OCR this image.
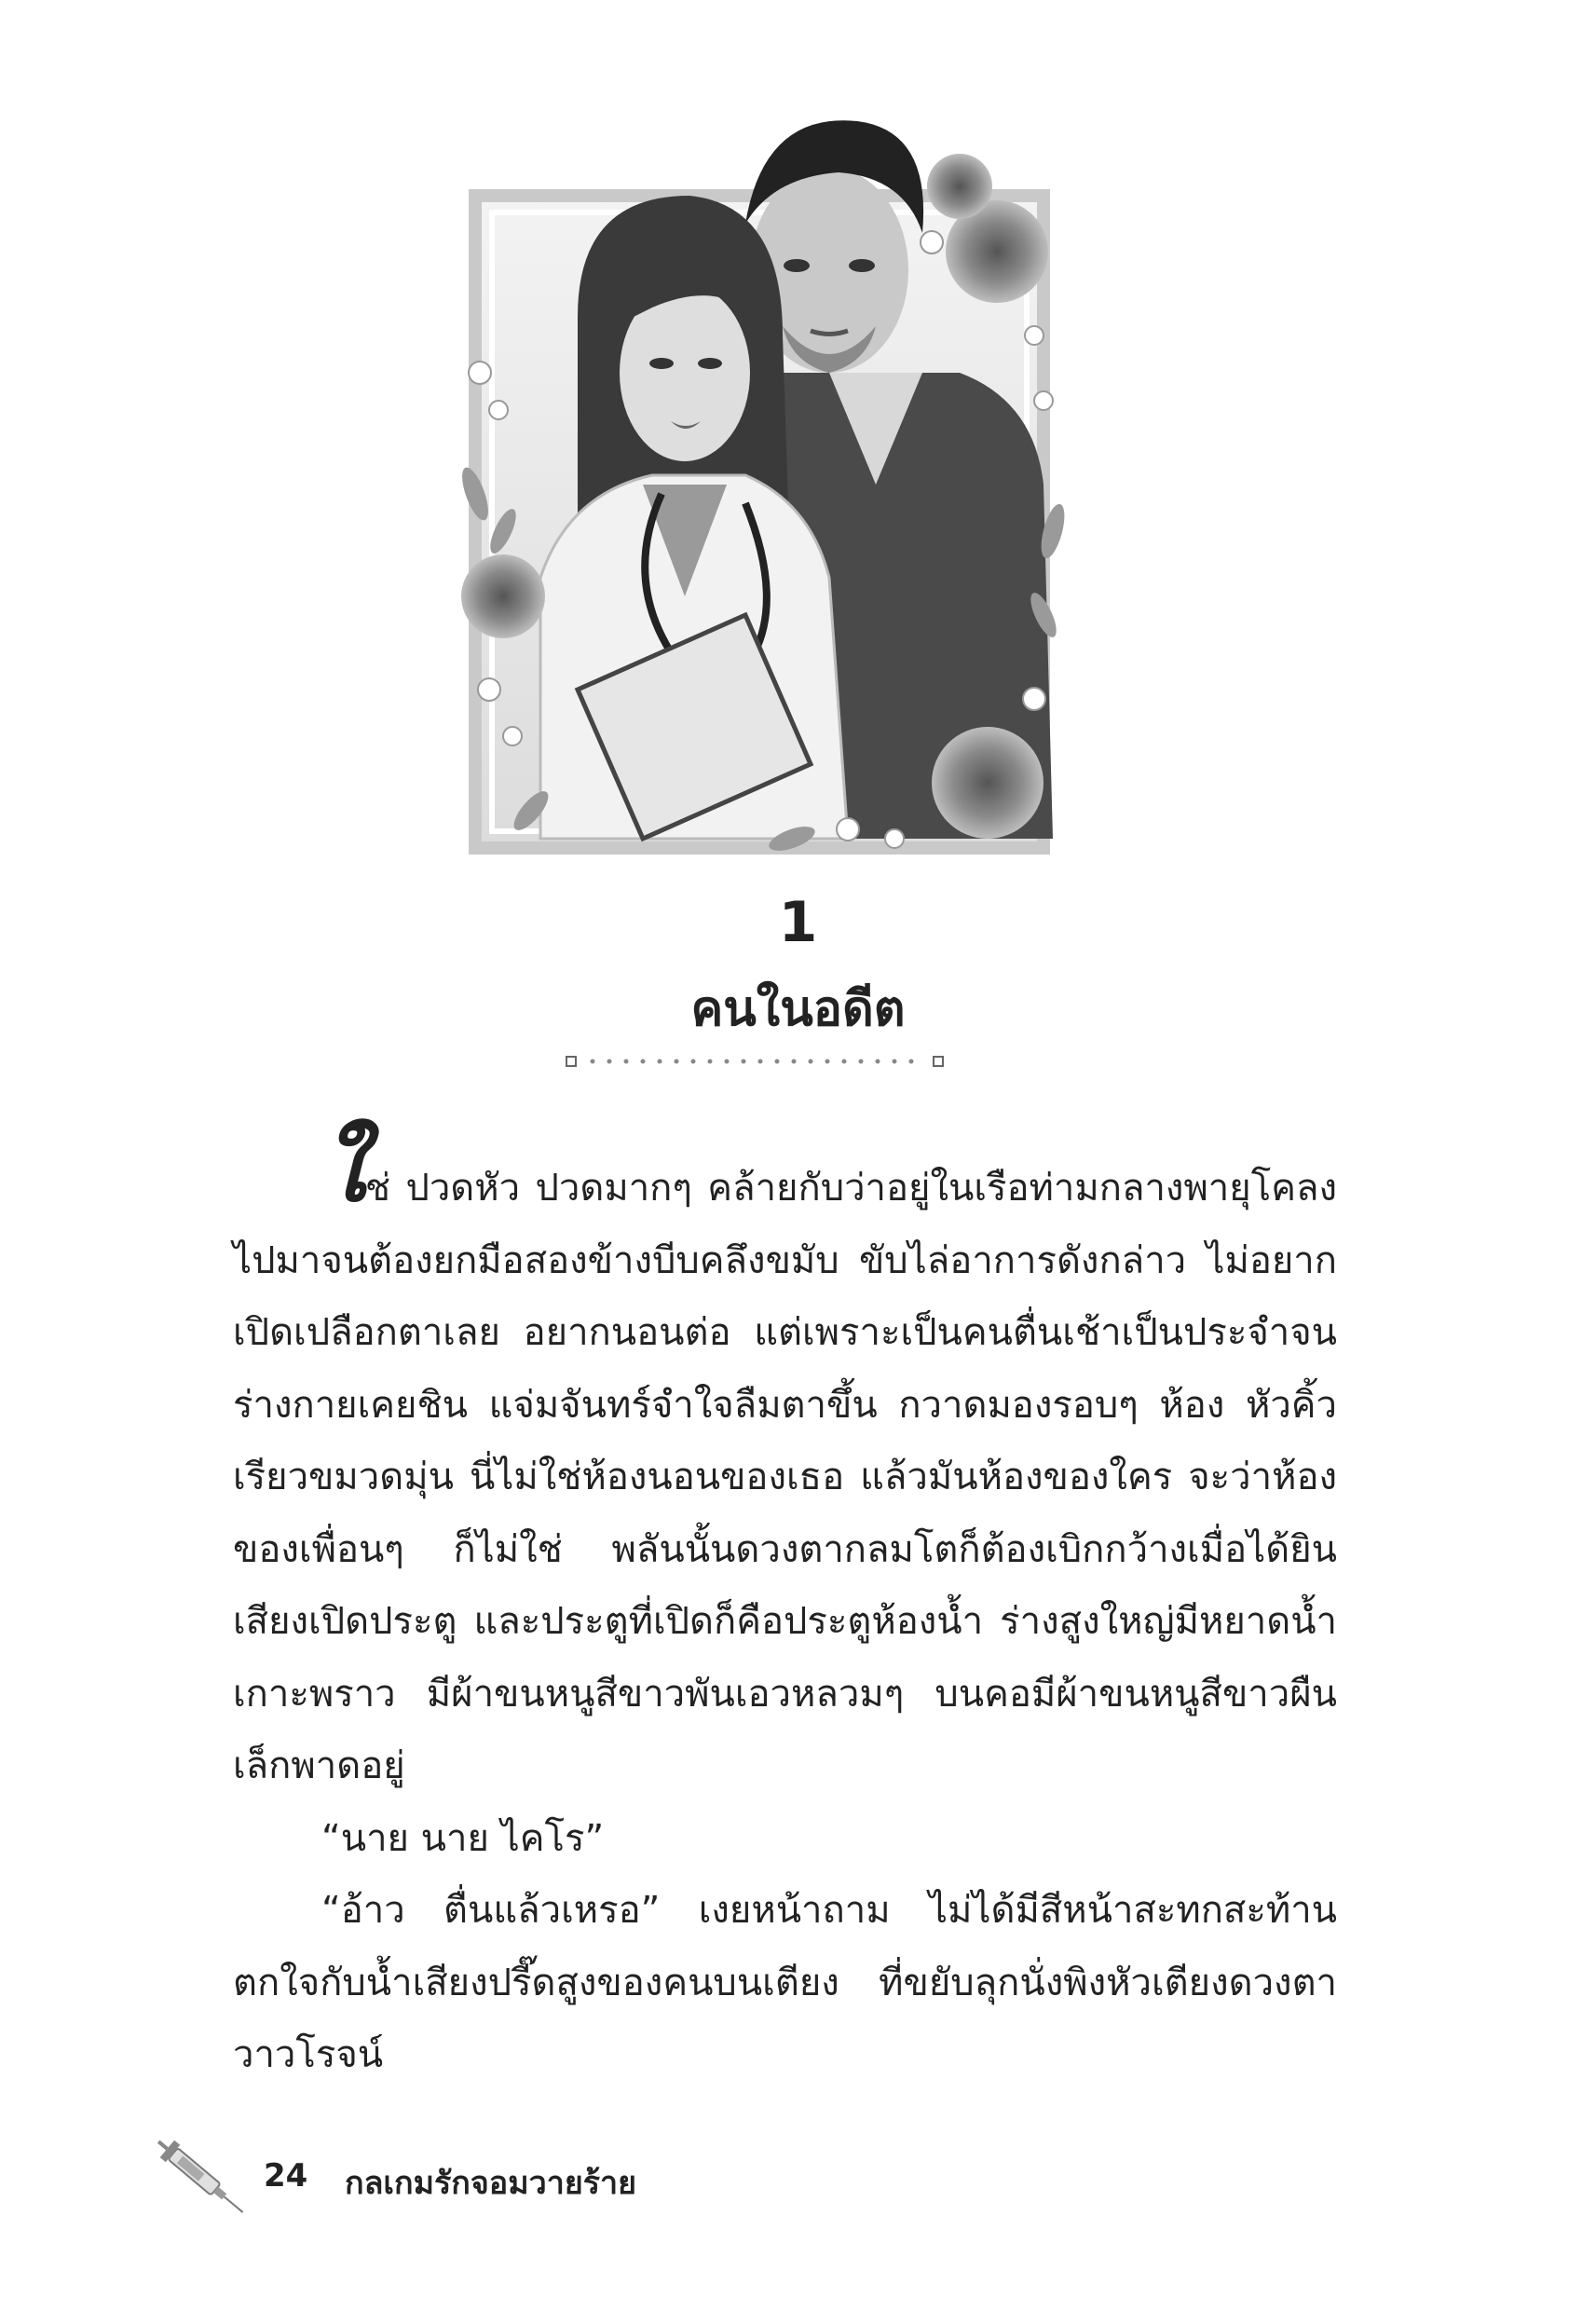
1
คนในอดีต

ใช่ ปวดหัว ปวดมากๆ คล้ายกับว่าอยู่ในเรือท่ามกลางพายุโคลงไปมาจนต้องยกมือสองข้างบีบคลึงขมับ ขับไล่อาการดังกล่าว ไม่อยากเปิดเปลือกตาเลย อยากนอนต่อ แต่เพราะเป็นคนตื่นเช้าเป็นประจำจนร่างกายเคยชิน แจ่มจันทร์จำใจลืมตาขึ้น กวาดมองรอบๆ ห้อง หัวคิ้วเรียวขมวดมุ่น นี่ไม่ใช่ห้องนอนของเธอ แล้วมันห้องของใคร จะว่าห้องของเพื่อนๆ ก็ไม่ใช่ พลันนั้นดวงตากลมโตก็ต้องเบิกกว้างเมื่อได้ยินเสียงเปิดประตู และประตูที่เปิดก็คือประตูห้องน้ำ ร่างสูงใหญ่มีหยาดน้ำเกาะพราว มีผ้าขนหนูสีขาวพันเอวหลวมๆ บนคอมีผ้าขนหนูสีขาวผืนเล็กพาดอยู่

“นาย นาย ไคโร”

“อ้าว ตื่นแล้วเหรอ” เงยหน้าถาม ไม่ได้มีสีหน้าสะทกสะท้านตกใจกับน้ำเสียงปรี๊ดสูงของคนบนเตียง ที่ขยับลุกนั่งพิงหัวเตียงดวงตาวาวโรจน์

24 กลเกมรักจอมวายร้าย
